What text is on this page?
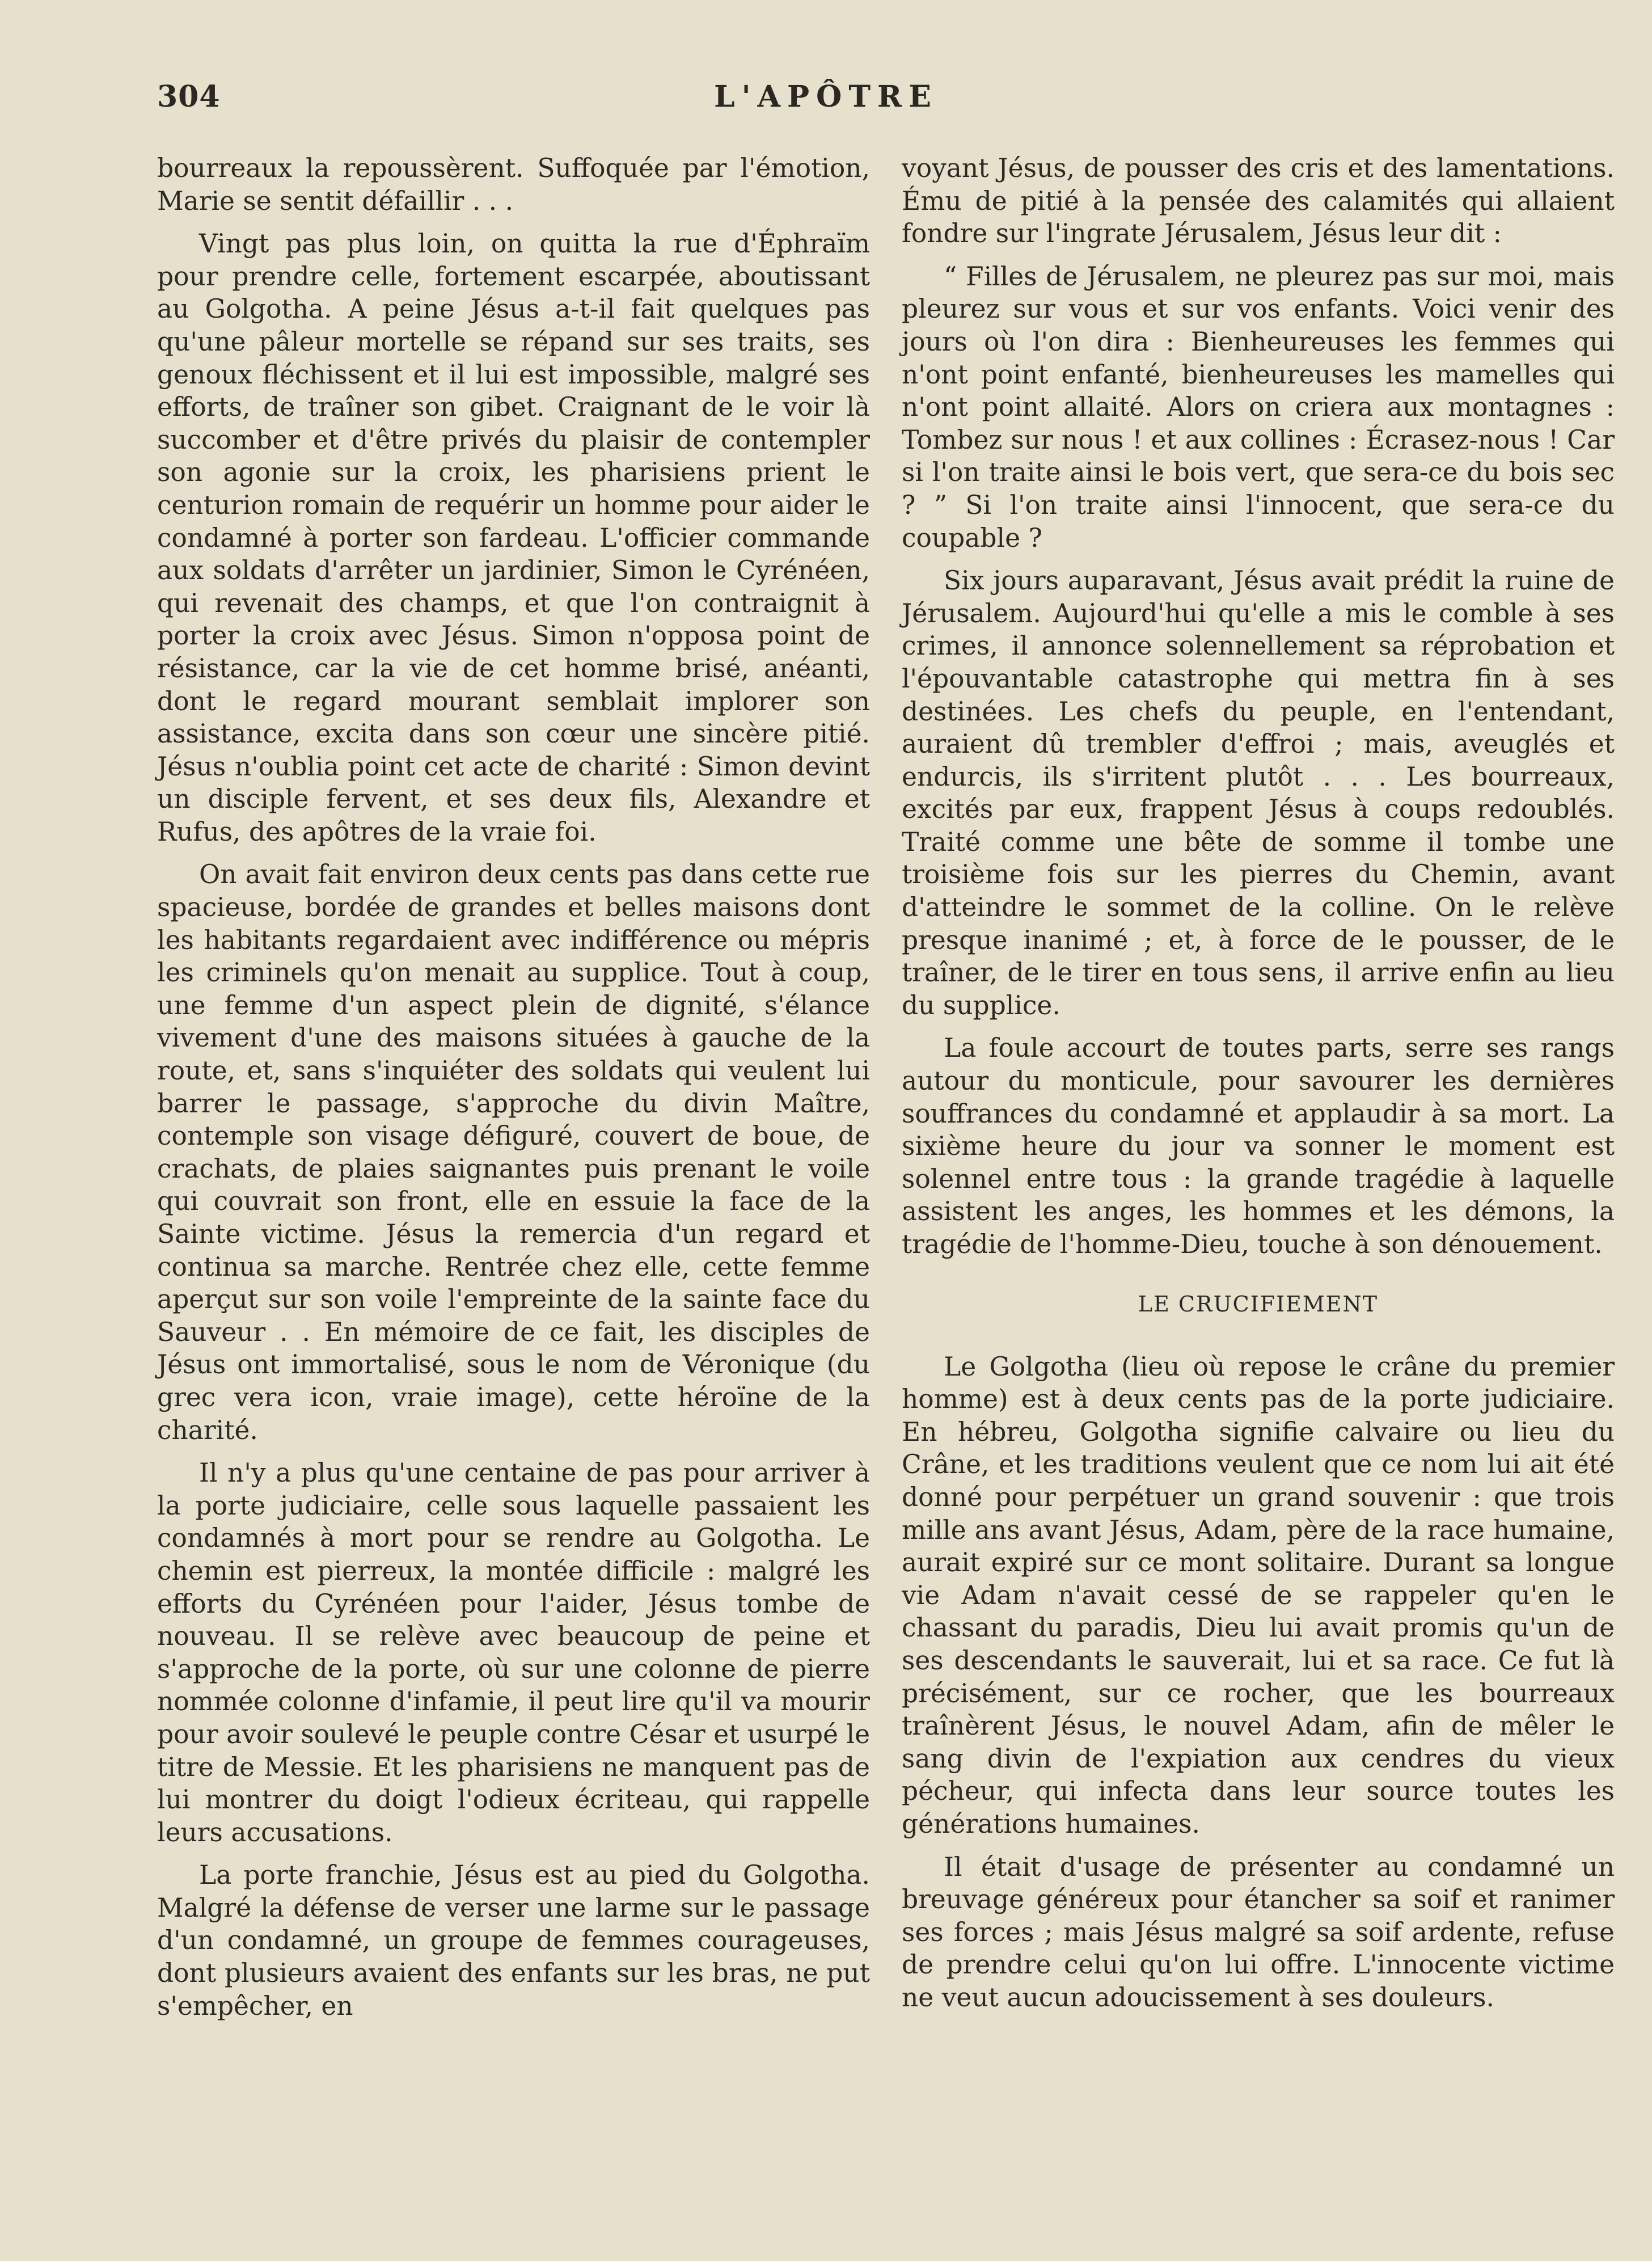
304	L'APÔTRE

bourreaux la repoussèrent. Suffoquée par l'émotion, Marie se sentit défaillir . . .

Vingt pas plus loin, on quitta la rue d'Éphraïm pour prendre celle, fortement escarpée, aboutissant au Golgotha. A peine Jésus a-t-il fait quelques pas qu'une pâleur mortelle se répand sur ses traits, ses genoux fléchissent et il lui est impossible, malgré ses efforts, de traîner son gibet. Craignant de le voir là succomber et d'être privés du plaisir de contempler son agonie sur la croix, les pharisiens prient le centurion romain de requérir un homme pour aider le condamné à porter son fardeau. L'officier commande aux soldats d'arrêter un jardinier, Simon le Cyrénéen, qui revenait des champs, et que l'on contraignit à porter la croix avec Jésus. Simon n'opposa point de résistance, car la vie de cet homme brisé, anéanti, dont le regard mourant semblait implorer son assistance, excita dans son cœur une sincère pitié. Jésus n'oublia point cet acte de charité : Simon devint un disciple fervent, et ses deux fils, Alexandre et Rufus, des apôtres de la vraie foi.

On avait fait environ deux cents pas dans cette rue spacieuse, bordée de grandes et belles maisons dont les habitants regardaient avec indifférence ou mépris les criminels qu'on menait au supplice. Tout à coup, une femme d'un aspect plein de dignité, s'élance vivement d'une des maisons situées à gauche de la route, et, sans s'inquiéter des soldats qui veulent lui barrer le passage, s'approche du divin Maître, contemple son visage défiguré, couvert de boue, de crachats, de plaies saignantes puis prenant le voile qui couvrait son front, elle en essuie la face de la Sainte victime. Jésus la remercia d'un regard et continua sa marche. Rentrée chez elle, cette femme aperçut sur son voile l'empreinte de la sainte face du Sauveur . . En mémoire de ce fait, les disciples de Jésus ont immortalisé, sous le nom de Véronique (du grec vera icon, vraie image), cette héroïne de la charité.

Il n'y a plus qu'une centaine de pas pour arriver à la porte judiciaire, celle sous laquelle passaient les condamnés à mort pour se rendre au Golgotha. Le chemin est pierreux, la montée difficile : malgré les efforts du Cyrénéen pour l'aider, Jésus tombe de nouveau. Il se relève avec beaucoup de peine et s'approche de la porte, où sur une colonne de pierre nommée colonne d'infamie, il peut lire qu'il va mourir pour avoir soulevé le peuple contre César et usurpé le titre de Messie. Et les pharisiens ne manquent pas de lui montrer du doigt l'odieux écriteau, qui rappelle leurs accusations.

La porte franchie, Jésus est au pied du Golgotha. Malgré la défense de verser une larme sur le passage d'un condamné, un groupe de femmes courageuses, dont plusieurs avaient des enfants sur les bras, ne put s'empêcher, en

voyant Jésus, de pousser des cris et des lamentations. Ému de pitié à la pensée des calamités qui allaient fondre sur l'ingrate Jérusalem, Jésus leur dit :

“ Filles de Jérusalem, ne pleurez pas sur moi, mais pleurez sur vous et sur vos enfants. Voici venir des jours où l'on dira : Bienheureuses les femmes qui n'ont point enfanté, bienheureuses les mamelles qui n'ont point allaité. Alors on criera aux montagnes : Tombez sur nous ! et aux collines : Écrasez-nous ! Car si l'on traite ainsi le bois vert, que sera-ce du bois sec ? ” Si l'on traite ainsi l'innocent, que sera-ce du coupable ?

Six jours auparavant, Jésus avait prédit la ruine de Jérusalem. Aujourd'hui qu'elle a mis le comble à ses crimes, il annonce solennellement sa réprobation et l'épouvantable catastrophe qui mettra fin à ses destinées. Les chefs du peuple, en l'entendant, auraient dû trembler d'effroi ; mais, aveuglés et endurcis, ils s'irritent plutôt . . . Les bourreaux, excités par eux, frappent Jésus à coups redoublés. Traité comme une bête de somme il tombe une troisième fois sur les pierres du Chemin, avant d'atteindre le sommet de la colline. On le relève presque inanimé ; et, à force de le pousser, de le traîner, de le tirer en tous sens, il arrive enfin au lieu du supplice.

La foule accourt de toutes parts, serre ses rangs autour du monticule, pour savourer les dernières souffrances du condamné et applaudir à sa mort. La sixième heure du jour va sonner le moment est solennel entre tous : la grande tragédie à laquelle assistent les anges, les hommes et les démons, la tragédie de l'homme-Dieu, touche à son dénouement.

LE CRUCIFIEMENT

Le Golgotha (lieu où repose le crâne du premier homme) est à deux cents pas de la porte judiciaire. En hébreu, Golgotha signifie calvaire ou lieu du Crâne, et les traditions veulent que ce nom lui ait été donné pour perpétuer un grand souvenir : que trois mille ans avant Jésus, Adam, père de la race humaine, aurait expiré sur ce mont solitaire. Durant sa longue vie Adam n'avait cessé de se rappeler qu'en le chassant du paradis, Dieu lui avait promis qu'un de ses descendants le sauverait, lui et sa race. Ce fut là précisément, sur ce rocher, que les bourreaux traînèrent Jésus, le nouvel Adam, afin de mêler le sang divin de l'expiation aux cendres du vieux pécheur, qui infecta dans leur source toutes les générations humaines.

Il était d'usage de présenter au condamné un breuvage généreux pour étancher sa soif et ranimer ses forces ; mais Jésus malgré sa soif ardente, refuse de prendre celui qu'on lui offre. L'innocente victime ne veut aucun adoucissement à ses douleurs.
